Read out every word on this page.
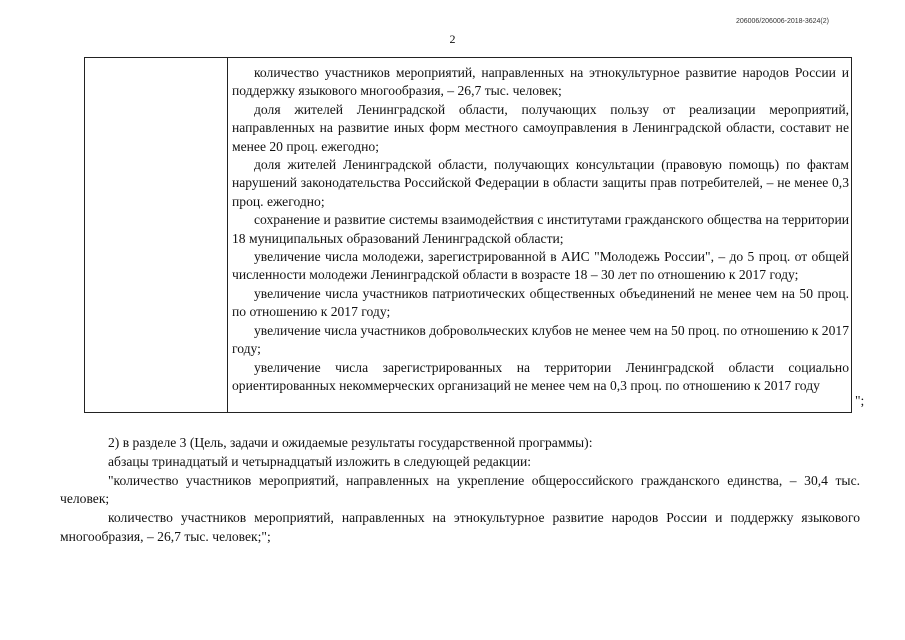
206006/206006-2018-3624(2)
2

количество участников мероприятий, направленных на этнокультурное развитие народов России и поддержку языкового многообразия, – 26,7 тыс. человек;

доля жителей Ленинградской области, получающих пользу от реализации мероприятий, направленных на развитие иных форм местного самоуправления в Ленинградской области, составит не менее 20 проц. ежегодно;

доля жителей Ленинградской области, получающих консультации (правовую помощь) по фактам нарушений законодательства Российской Федерации в области защиты прав потребителей, – не менее 0,3 проц. ежегодно;

сохранение и развитие системы взаимодействия с институтами гражданского общества на территории 18 муниципальных образований Ленинградской области;

увеличение числа молодежи, зарегистрированной в АИС "Молодежь России", – до 5 проц. от общей численности молодежи Ленинградской области в возрасте 18 – 30 лет по отношению к 2017 году;

увеличение числа участников патриотических общественных объединений не менее чем на 50 проц. по отношению к 2017 году;

увеличение числа участников добровольческих клубов не менее чем на 50 проц. по отношению к 2017 году;

увеличение числа зарегистрированных на территории Ленинградской области социально ориентированных некоммерческих организаций не менее чем на 0,3 проц. по отношению к 2017 году

";

2) в разделе 3 (Цель, задачи и ожидаемые результаты государственной программы):

абзацы тринадцатый и четырнадцатый изложить в следующей редакции:

"количество участников мероприятий, направленных на укрепление общероссийского гражданского единства, – 30,4 тыс. человек;

количество участников мероприятий, направленных на этнокультурное развитие народов России и поддержку языкового многообразия, – 26,7 тыс. человек;";
